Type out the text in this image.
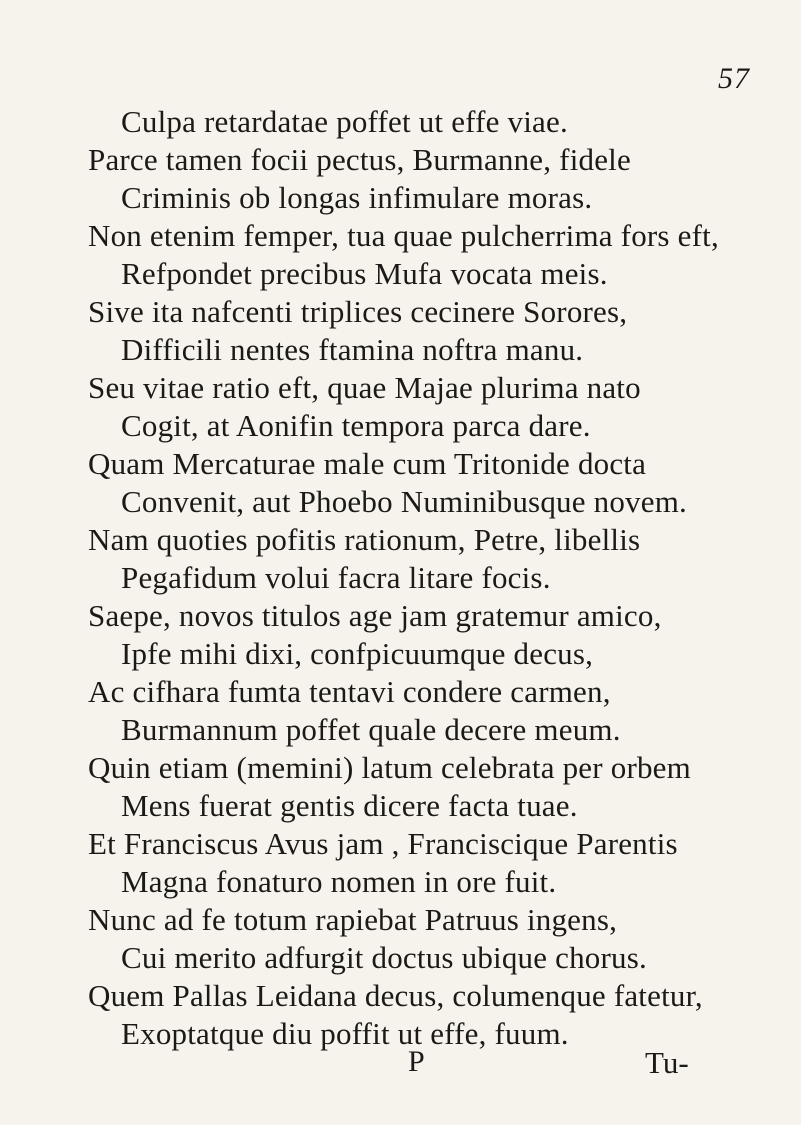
57
Culpa retardatae poffet ut effe viae.
Parce tamen focii pectus, Burmanne, fidele
Criminis ob longas infimulare moras.
Non etenim femper, tua quae pulcherrima fors eft,
Refpondet precibus Mufa vocata meis.
Sive ita nafcenti triplices cecinere Sorores,
Difficili nentes ftamina noftra manu.
Seu vitae ratio eft, quae Majae plurima nato
Cogit, at Aonifin tempora parca dare.
Quam Mercaturae male cum Tritonide docta
Convenit, aut Phoebo Numinibusque novem.
Nam quoties pofitis rationum, Petre, libellis
Pegafidum volui facra litare focis.
Saepe, novos titulos age jam gratemur amico,
Ipfe mihi dixi, confpicuumque decus,
Ac cifhara fumta tentavi condere carmen,
Burmannum poffet quale decere meum.
Quin etiam (memini) latum celebrata per orbem
Mens fuerat gentis dicere facta tuae.
Et Franciscus Avus jam , Franciscique Parentis
Magna fonaturo nomen in ore fuit.
Nunc ad fe totum rapiebat Patruus ingens,
Cui merito adfurgit doctus ubique chorus.
Quem Pallas Leidana decus, columenque fatetur,
Exoptatque diu poffit ut effe, fuum.
P	Tu-
